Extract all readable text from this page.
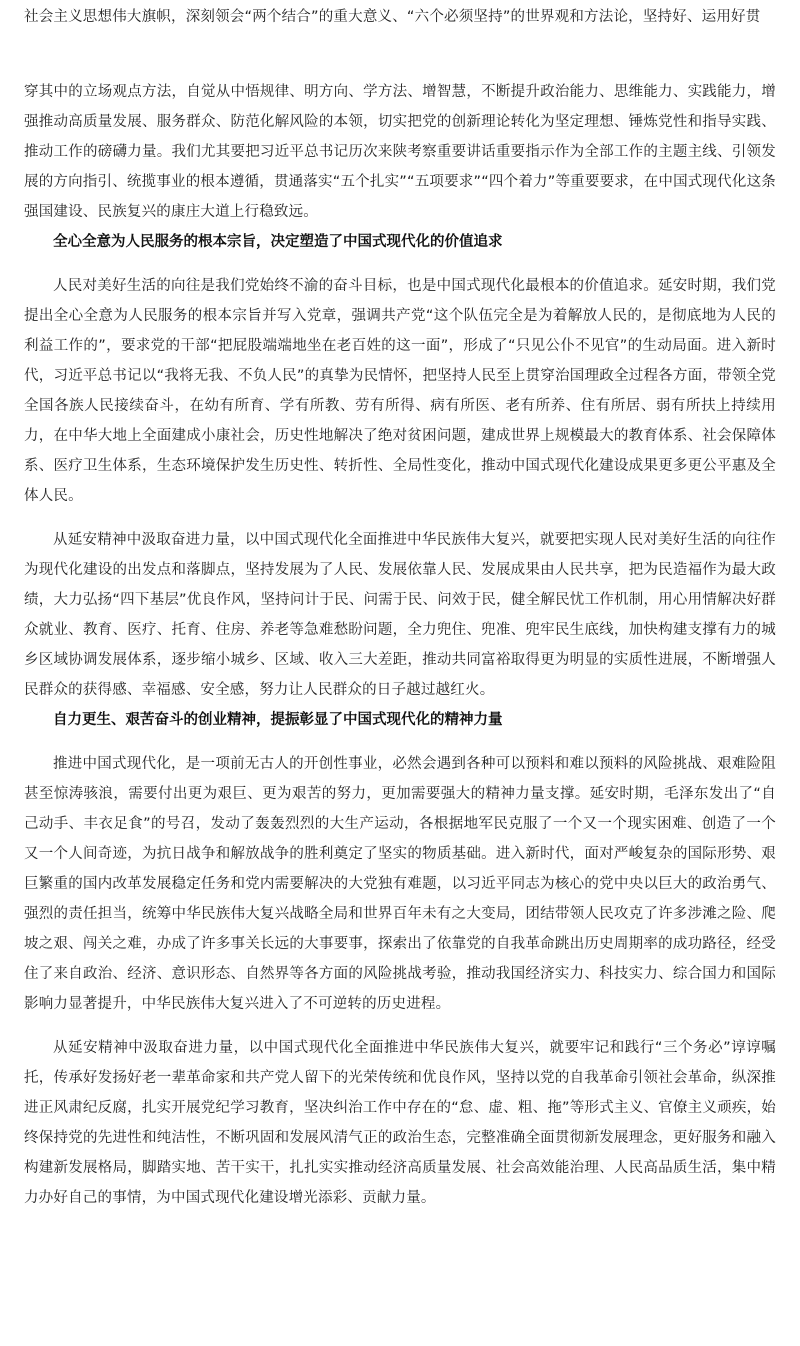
社会主义思想伟大旗帜，深刻领会“两个结合”的重大意义、“六个必须坚持”的世界观和方法论，坚持好、运用好贯

穿其中的立场观点方法，自觉从中悟规律、明方向、学方法、增智慧，不断提升政治能力、思维能力、实践能力，增强推动高质量发展、服务群众、防范化解风险的本领，切实把党的创新理论转化为坚定理想、锤炼党性和指导实践、推动工作的磅礴力量。我们尤其要把习近平总书记历次来陕考察重要讲话重要指示作为全部工作的主题主线、引领发展的方向指引、统揽事业的根本遵循，贯通落实“五个扎实”“五项要求”“四个着力”等重要要求，在中国式现代化这条强国建设、民族复兴的康庄大道上行稳致远。

全心全意为人民服务的根本宗旨，决定塑造了中国式现代化的价值追求

人民对美好生活的向往是我们党始终不渝的奋斗目标，也是中国式现代化最根本的价值追求。延安时期，我们党提出全心全意为人民服务的根本宗旨并写入党章，强调共产党“这个队伍完全是为着解放人民的，是彻底地为人民的利益工作的”，要求党的干部“把屁股端端地坐在老百姓的这一面”，形成了“只见公仆不见官”的生动局面。进入新时代，习近平总书记以“我将无我、不负人民”的真挚为民情怀，把坚持人民至上贯穿治国理政全过程各方面，带领全党全国各族人民接续奋斗，在幼有所育、学有所教、劳有所得、病有所医、老有所养、住有所居、弱有所扶上持续用力，在中华大地上全面建成小康社会，历史性地解决了绝对贫困问题，建成世界上规模最大的教育体系、社会保障体系、医疗卫生体系，生态环境保护发生历史性、转折性、全局性变化，推动中国式现代化建设成果更多更公平惠及全体人民。

从延安精神中汲取奋进力量，以中国式现代化全面推进中华民族伟大复兴，就要把实现人民对美好生活的向往作为现代化建设的出发点和落脚点，坚持发展为了人民、发展依靠人民、发展成果由人民共享，把为民造福作为最大政绩，大力弘扬“四下基层”优良作风，坚持问计于民、问需于民、问效于民，健全解民忧工作机制，用心用情解决好群众就业、教育、医疗、托育、住房、养老等急难愁盼问题，全力兜住、兜准、兜牢民生底线，加快构建支撑有力的城乡区域协调发展体系，逐步缩小城乡、区域、收入三大差距，推动共同富裕取得更为明显的实质性进展，不断增强人民群众的获得感、幸福感、安全感，努力让人民群众的日子越过越红火。

自力更生、艰苦奋斗的创业精神，提振彰显了中国式现代化的精神力量

推进中国式现代化，是一项前无古人的开创性事业，必然会遇到各种可以预料和难以预料的风险挑战、艰难险阻甚至惊涛骇浪，需要付出更为艰巨、更为艰苦的努力，更加需要强大的精神力量支撑。延安时期，毛泽东发出了“自己动手、丰衣足食”的号召，发动了轰轰烈烈的大生产运动，各根据地军民克服了一个又一个现实困难、创造了一个又一个人间奇迹，为抗日战争和解放战争的胜利奠定了坚实的物质基础。进入新时代，面对严峻复杂的国际形势、艰巨繁重的国内改革发展稳定任务和党内需要解决的大党独有难题，以习近平同志为核心的党中央以巨大的政治勇气、强烈的责任担当，统筹中华民族伟大复兴战略全局和世界百年未有之大变局，团结带领人民攻克了许多涉滩之险、爬坡之艰、闯关之难，办成了许多事关长远的大事要事，探索出了依靠党的自我革命跳出历史周期率的成功路径，经受住了来自政治、经济、意识形态、自然界等各方面的风险挑战考验，推动我国经济实力、科技实力、综合国力和国际影响力显著提升，中华民族伟大复兴进入了不可逆转的历史进程。

从延安精神中汲取奋进力量，以中国式现代化全面推进中华民族伟大复兴，就要牢记和践行“三个务必”谆谆嘱托，传承好发扬好老一辈革命家和共产党人留下的光荣传统和优良作风，坚持以党的自我革命引领社会革命，纵深推进正风肃纪反腐，扎实开展党纪学习教育，坚决纠治工作中存在的“怠、虚、粗、拖”等形式主义、官僚主义顽疾，始终保持党的先进性和纯洁性，不断巩固和发展风清气正的政治生态，完整准确全面贯彻新发展理念，更好服务和融入构建新发展格局，脚踏实地、苦干实干，扎扎实实推动经济高质量发展、社会高效能治理、人民高品质生活，集中精力办好自己的事情，为中国式现代化建设增光添彩、贡献力量。
